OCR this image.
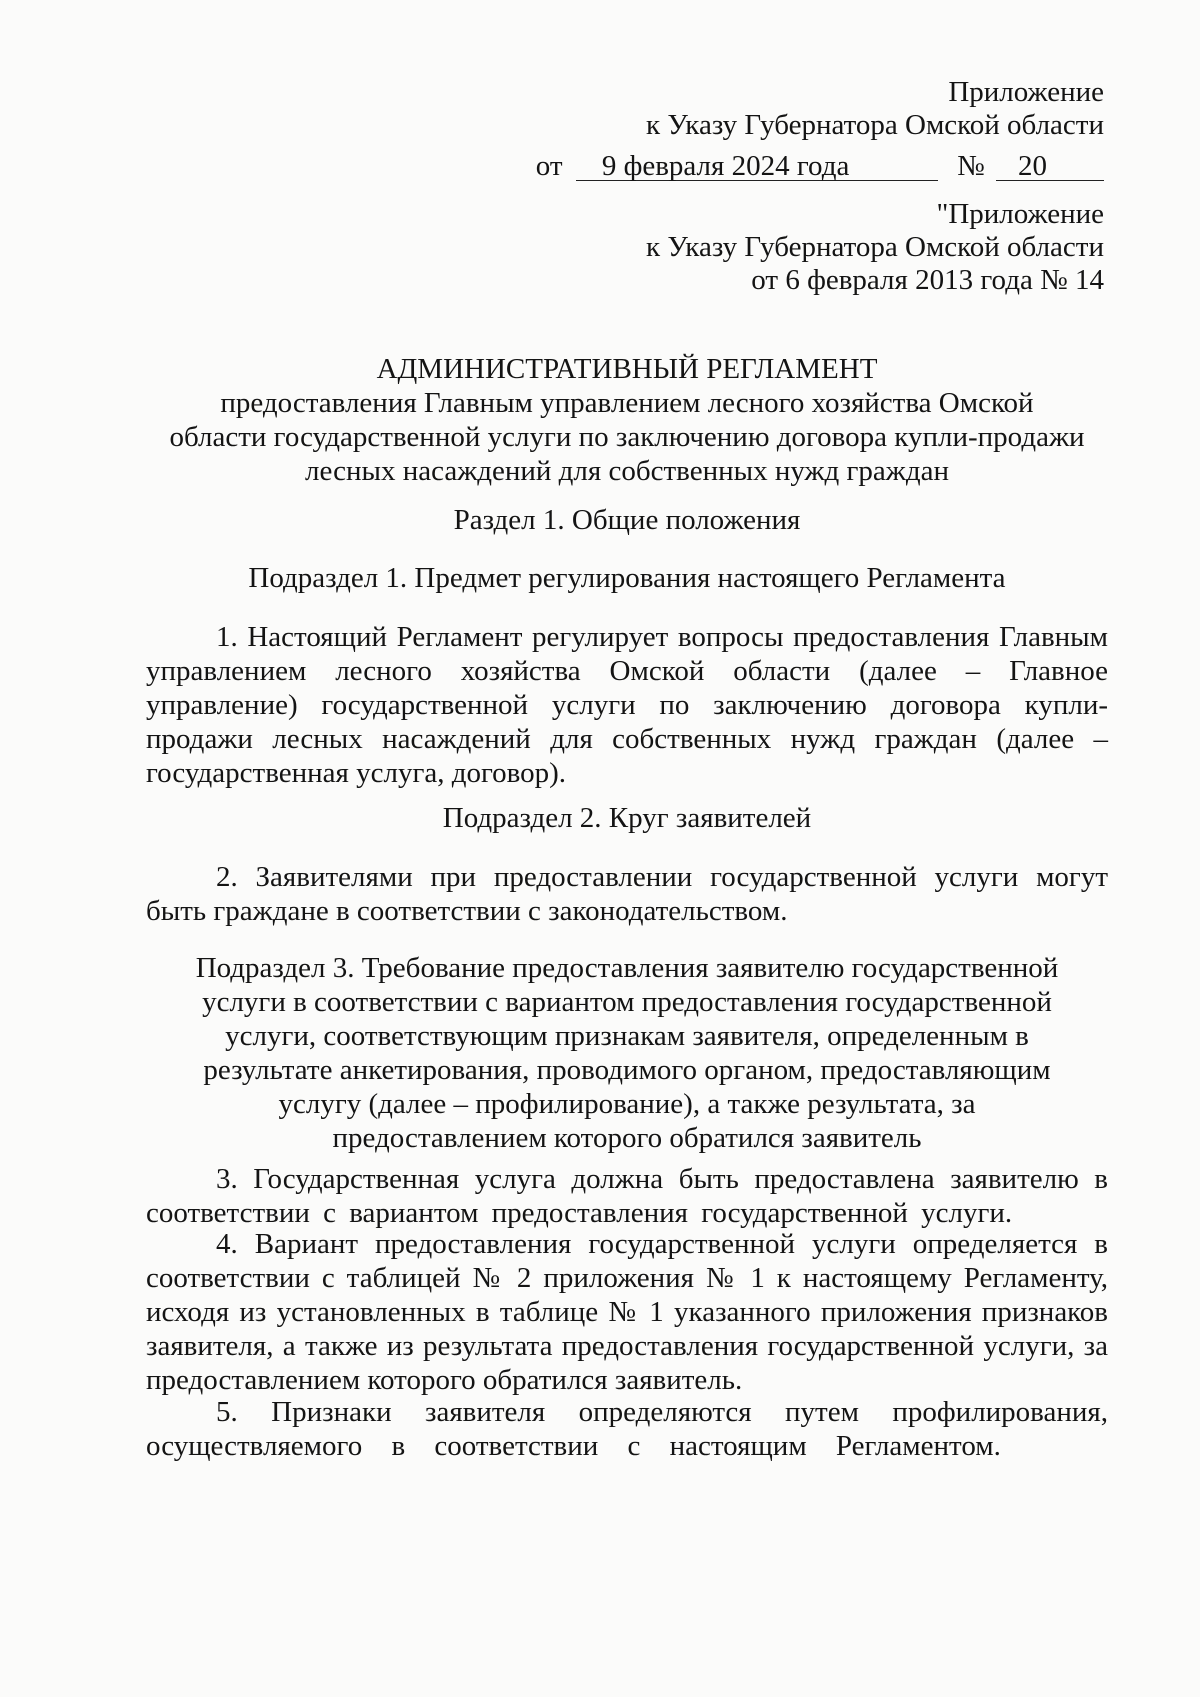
Приложение
к Указу Губернатора Омской области
от 9 февраля 2024 года	№ 20
"Приложение
к Указу Губернатора Омской области
от 6 февраля 2013 года № 14
АДМИНИСТРАТИВНЫЙ РЕГЛАМЕНТ
предоставления Главным управлением лесного хозяйства Омской
области государственной услуги по заключению договора купли-продажи
лесных насаждений для собственных нужд граждан
Раздел 1. Общие положения
Подраздел 1. Предмет регулирования настоящего Регламента
1. Настоящий Регламент регулирует вопросы предоставления Главным управлением лесного хозяйства Омской области (далее – Главное управление) государственной услуги по заключению договора купли-продажи лесных насаждений для собственных нужд граждан (далее – государственная услуга, договор).
Подраздел 2. Круг заявителей
2. Заявителями при предоставлении государственной услуги могут быть граждане в соответствии с законодательством.
Подраздел 3. Требование предоставления заявителю государственной
услуги в соответствии с вариантом предоставления государственной
услуги, соответствующим признакам заявителя, определенным в
результате анкетирования, проводимого органом, предоставляющим
услугу (далее – профилирование), а также результата, за
предоставлением которого обратился заявитель
3. Государственная услуга должна быть предоставлена заявителю в соответствии с вариантом предоставления государственной услуги.
4. Вариант предоставления государственной услуги определяется в соответствии с таблицей № 2 приложения № 1 к настоящему Регламенту, исходя из установленных в таблице № 1 указанного приложения признаков заявителя, а также из результата предоставления государственной услуги, за предоставлением которого обратился заявитель.
5. Признаки заявителя определяются путем профилирования, осуществляемого в соответствии с настоящим Регламентом.
